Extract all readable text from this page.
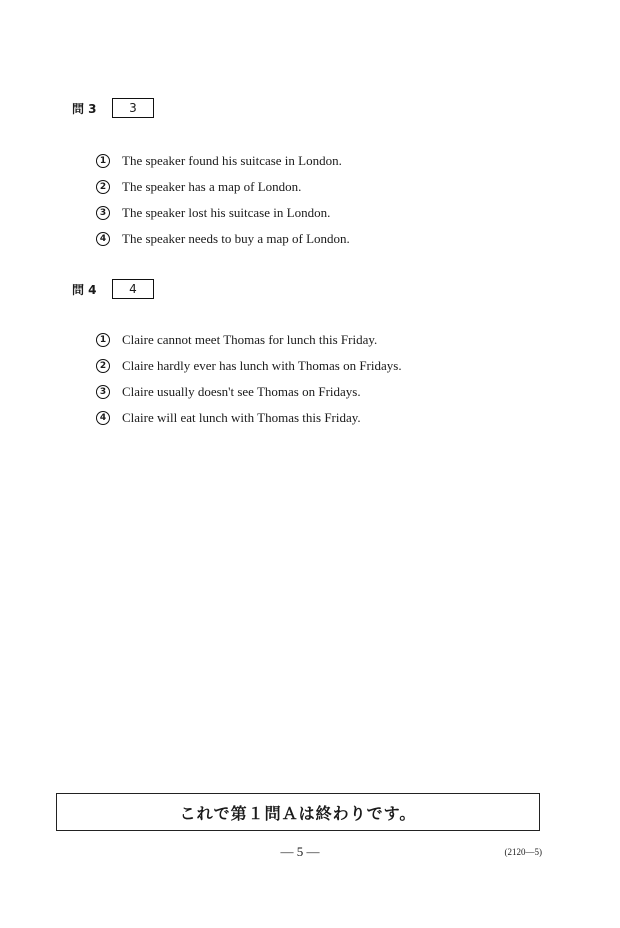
問 3	3
1 The speaker found his suitcase in London.
2 The speaker has a map of London.
3 The speaker lost his suitcase in London.
4 The speaker needs to buy a map of London.
問 4	4
1 Claire cannot meet Thomas for lunch this Friday.
2 Claire hardly ever has lunch with Thomas on Fridays.
3 Claire usually doesn't see Thomas on Fridays.
4 Claire will eat lunch with Thomas this Friday.
これで第１問Ａは終わりです。
— 5 —	(2120—5)
